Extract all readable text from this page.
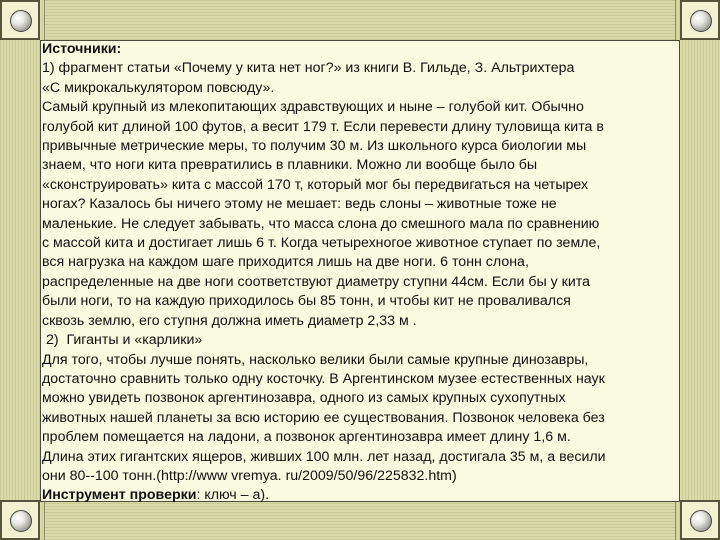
Источники:

1) фрагмент статьи «Почему у кита нет ног?» из книги В. Гильде, З. Альтрихтера

«С микрокалькулятором повсюду».

Самый крупный из млекопитающих здравствующих и ныне – голубой кит. Обычно

голубой кит длиной 100 футов, а весит 179 т. Если перевести длину туловища кита в

привычные метрические меры, то получим 30 м. Из школьного курса биологии мы

знаем, что ноги кита превратились в плавники. Можно ли вообще было бы

«сконструировать» кита с массой 170 т, который мог бы передвигаться на четырех

ногах? Казалось бы ничего этому не мешает: ведь слоны – животные тоже не

маленькие. Не следует забывать, что масса слона до смешного мала по сравнению

с массой кита и достигает лишь 6 т. Когда четырехногое животное ступает по земле,

вся нагрузка на каждом шаге приходится лишь на две ноги. 6 тонн слона,

распределенные на две ноги соответствуют диаметру ступни 44см. Если бы у кита

были ноги, то на каждую приходилось бы 85 тонн, и чтобы кит не проваливался

сквозь землю, его ступня должна иметь диаметр 2,33 м .

2)  Гиганты и «карлики»

Для того, чтобы лучше понять, насколько велики были самые крупные динозавры,

достаточно сравнить только одну косточку. В Аргентинском музее естественных наук

можно увидеть позвонок аргентинозавра, одного из самых крупных сухопутных

животных нашей планеты за всю историю ее существования. Позвонок человека без

проблем помещается на ладони, а позвонок аргентинозавра имеет длину 1,6 м.

Длина этих гигантских ящеров, живших 100 млн. лет назад, достигала 35 м, а весили

они 80--100 тонн.(http://www vremya. ru/2009/50/96/225832.htm)

Инструмент проверки: ключ – а).
